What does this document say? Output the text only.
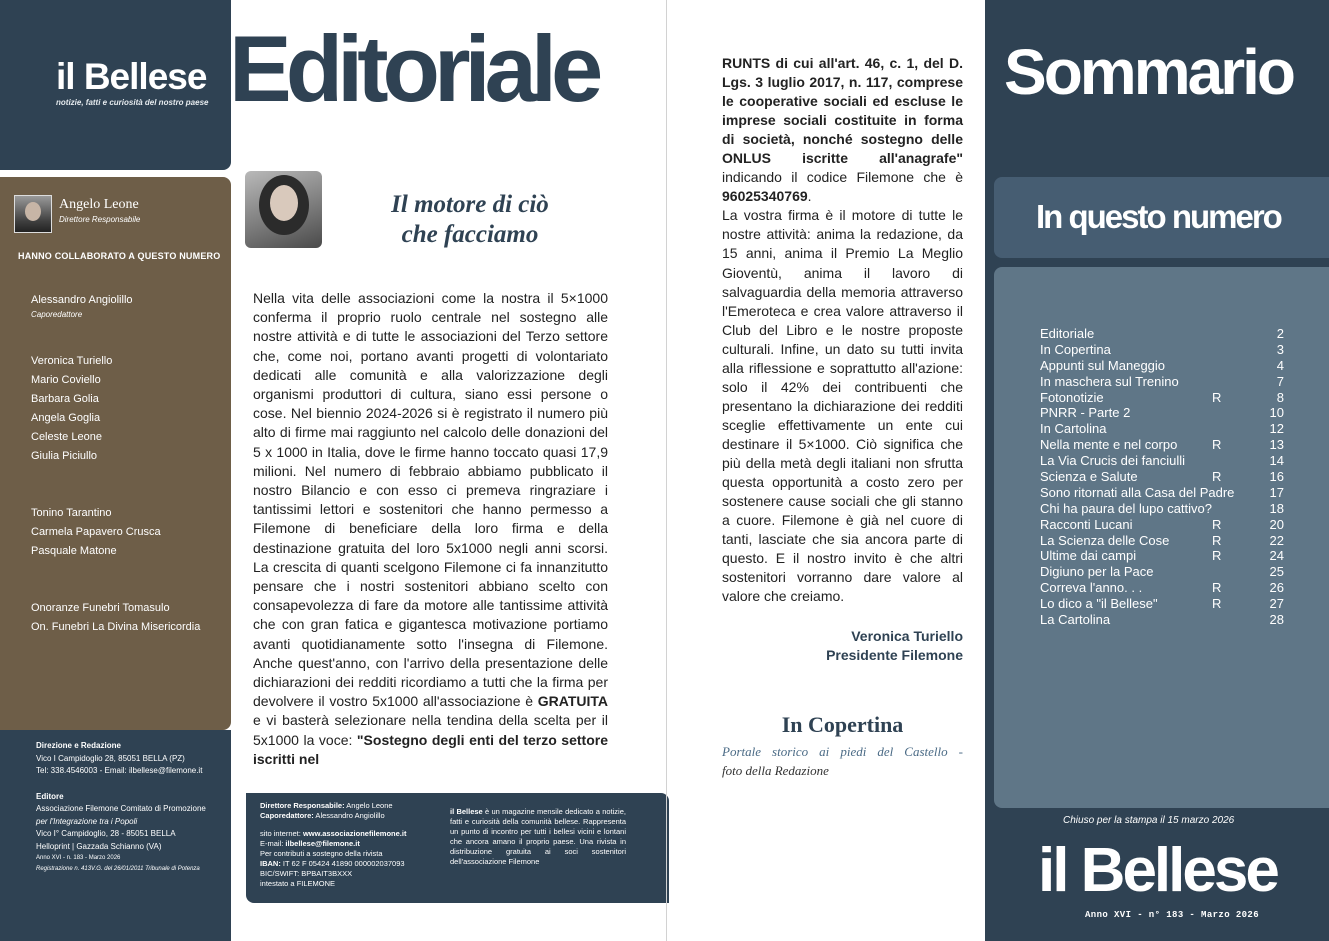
il Bellese
notizie, fatti e curiosità del nostro paese
Angelo Leone
Direttore Responsabile
HANNO COLLABORATO A QUESTO NUMERO
Alessandro Angiolillo
Caporedattore
Veronica Turiello
Mario Coviello
Barbara Golia
Angela Goglia
Celeste Leone
Giulia Piciullo
Tonino Tarantino
Carmela Papavero Crusca
Pasquale Matone
Onoranze Funebri Tomasulo
On. Funebri La Divina Misericordia
Direzione e Redazione
Vico I Campidoglio 28, 85051 BELLA (PZ)
Tel: 338.4546003 - Email: ilbellese@filemone.it
Editore
Associazione Filemone Comitato di Promozione
per l'Integrazione tra i Popoli
Vico I° Campidoglio, 28 - 85051 BELLA
Helloprint | Gazzada Schianno (VA)
Anno XVI - n. 183 - Marzo 2026
Registrazione n. 413V.G. del 26/01/2011 Tribunale di Potenza
Editoriale
Il motore di ciò
che facciamo
Nella vita delle associazioni come la nostra il 5×1000 conferma il proprio ruolo centrale nel sostegno alle nostre attività e di tutte le associazioni del Terzo settore che, come noi, portano avanti progetti di volontariato dedicati alle comunità e alla valorizzazione degli organismi produttori di cultura, siano essi persone o cose. Nel biennio 2024-2026 si è registrato il numero più alto di firme mai raggiunto nel calcolo delle donazioni del 5 x 1000 in Italia, dove le firme hanno toccato quasi 17,9 milioni. Nel numero di febbraio abbiamo pubblicato il nostro Bilancio e con esso ci premeva ringraziare i tantissimi lettori e sostenitori che hanno permesso a Filemone di beneficiare della loro firma e della destinazione gratuita del loro 5x1000 negli anni scorsi. La crescita di quanti scelgono Filemone ci fa innanzitutto pensare che i nostri sostenitori abbiano scelto con consapevolezza di fare da motore alle tantissime attività che con gran fatica e gigantesca motivazione portiamo avanti quotidianamente sotto l'insegna di Filemone. Anche quest'anno, con l'arrivo della presentazione delle dichiarazioni dei redditi ricordiamo a tutti che la firma per devolvere il vostro 5x1000 all'associazione è GRATUITA e vi basterà selezionare nella tendina della scelta per il 5x1000 la voce: "Sostegno degli enti del terzo settore iscritti nel
Direttore Responsabile: Angelo Leone
Caporedattore: Alessandro Angiolillo
sito internet: www.associazionefilemone.it
E-mail: ilbellese@filemone.it
Per contributi a sostegno della rivista
IBAN: IT 62 F 05424 41890 000002037093
BIC/SWIFT: BPBAIT3BXXX
intestato a FILEMONE
il Bellese è un magazine mensile dedicato a notizie, fatti e curiosità della comunità bellese. Rappresenta un punto di incontro per tutti i bellesi vicini e lontani che ancora amano il proprio paese. Una rivista in distribuzione gratuita ai soci sostenitori dell'associazione Filemone
RUNTS di cui all'art. 46, c. 1, del D. Lgs. 3 luglio 2017, n. 117, comprese le cooperative sociali ed escluse le imprese sociali costituite in forma di società, nonché sostegno delle ONLUS iscritte all'anagrafe" indicando il codice Filemone che è 96025340769.
La vostra firma è il motore di tutte le nostre attività: anima la redazione, da 15 anni, anima il Premio La Meglio Gioventù, anima il lavoro di salvaguardia della memoria attraverso l'Emeroteca e crea valore attraverso il Club del Libro e le nostre proposte culturali. Infine, un dato su tutti invita alla riflessione e soprattutto all'azione: solo il 42% dei contribuenti che presentano la dichiarazione dei redditi sceglie effettivamente un ente cui destinare il 5×1000. Ciò significa che più della metà degli italiani non sfrutta questa opportunità a costo zero per sostenere cause sociali che gli stanno a cuore. Filemone è già nel cuore di tanti, lasciate che sia ancora parte di questo. E il nostro invito è che altri sostenitori vorranno dare valore al valore che creiamo.
Veronica Turiello
Presidente Filemone
In Copertina
Portale storico ai piedi del Castello -
foto della Redazione
Sommario
In questo numero
Editoriale	2
In Copertina	3
Appunti sul Maneggio	4
In maschera sul Trenino	7
Fotonotizie	R	8
PNRR - Parte 2	10
In Cartolina	12
Nella mente e nel corpo	R	13
La Via Crucis dei fanciulli	14
Scienza e Salute	R	16
Sono ritornati alla Casa del Padre	17
Chi ha paura del lupo cattivo?	18
Racconti Lucani	R	20
La Scienza delle Cose	R	22
Ultime dai campi	R	24
Digiuno per la Pace	25
Correva l'anno. . .	R	26
Lo dico a "il Bellese"	R	27
La Cartolina	28
Chiuso per la stampa il 15 marzo 2026
il Bellese
Anno XVI - n° 183 - Marzo 2026
